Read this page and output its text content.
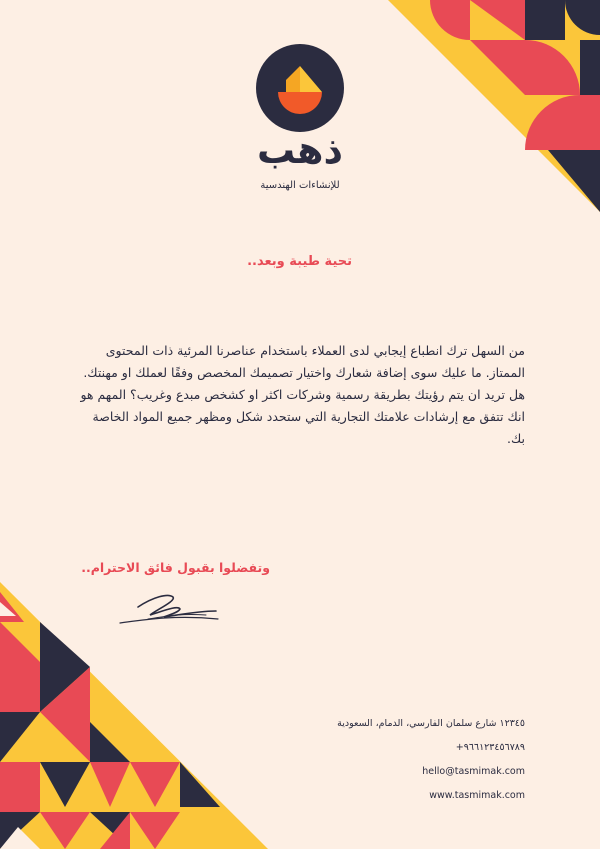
ذهب
للإنشاءات الهندسية
تحية طيبة وبعد..
من السهل ترك انطباع إيجابي لدى العملاء باستخدام عناصرنا المرئية ذات المحتوى الممتاز. ما عليك سوى إضافة شعارك واختيار تصميمك المخصص وفقًا لعملك او مهنتك. هل تريد ان يتم رؤيتك بطريقة رسمية وشركات اكثر او كشخص مبدع وغريب؟ المهم هو انك تتفق مع إرشادات علامتك التجارية التي ستحدد شكل ومظهر جميع المواد الخاصة بك.
وتفضلوا بقبول فائق الاحترام..
١٢٣٤٥ شارع سلمان الفارسي، الدمام، السعودية
+٩٦٦١٢٣٤٥٦٧٨٩
hello@tasmimak.com
www.tasmimak.com
